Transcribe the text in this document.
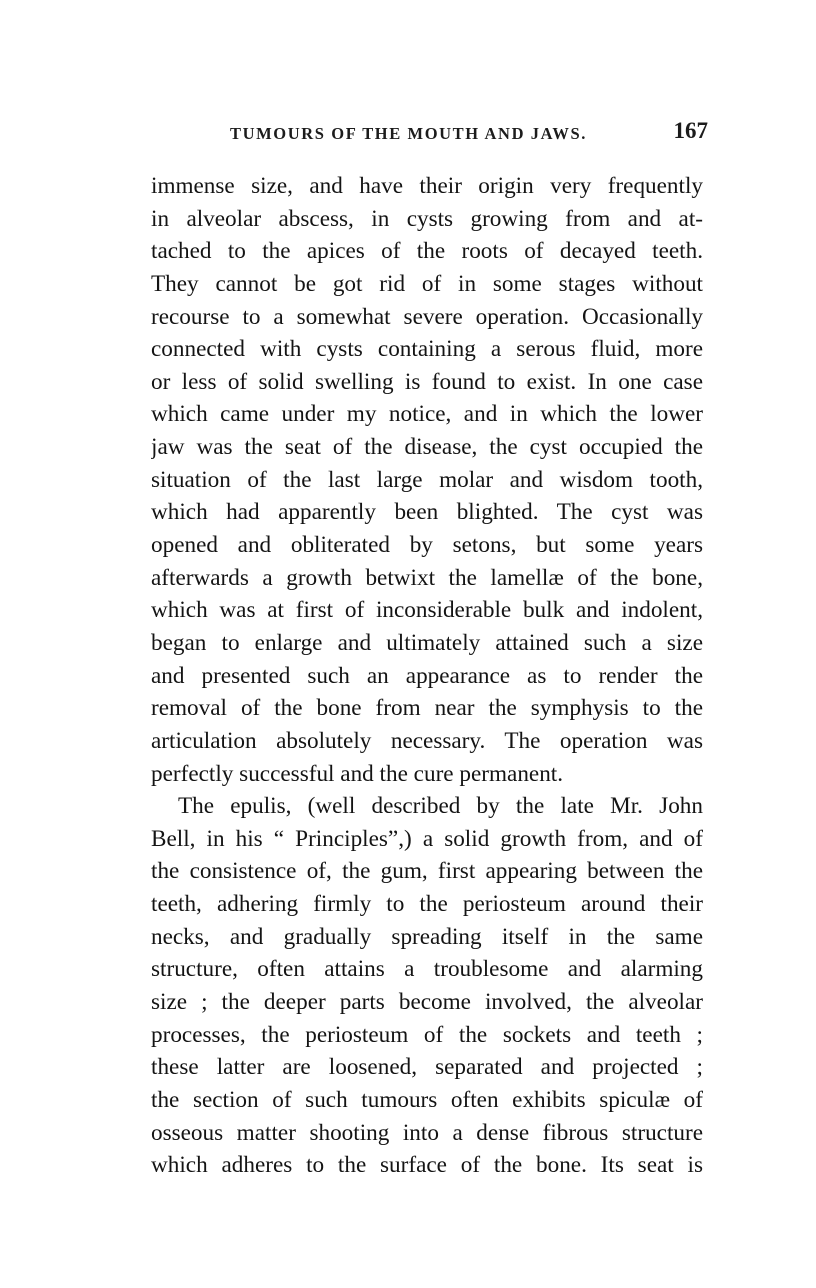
TUMOURS OF THE MOUTH AND JAWS.	167
immense size, and have their origin very frequently
in alveolar abscess, in cysts growing from and at-
tached to the apices of the roots of decayed teeth.
They cannot be got rid of in some stages without
recourse to a somewhat severe operation. Occasionally
connected with cysts containing a serous fluid, more
or less of solid swelling is found to exist. In one case
which came under my notice, and in which the lower
jaw was the seat of the disease, the cyst occupied the
situation of the last large molar and wisdom tooth,
which had apparently been blighted. The cyst was
opened and obliterated by setons, but some years
afterwards a growth betwixt the lamellæ of the bone,
which was at first of inconsiderable bulk and indolent,
began to enlarge and ultimately attained such a size
and presented such an appearance as to render the
removal of the bone from near the symphysis to the
articulation absolutely necessary. The operation was
perfectly successful and the cure permanent.
The epulis, (well described by the late Mr. John
Bell, in his “ Principles”,) a solid growth from, and of
the consistence of, the gum, first appearing between the
teeth, adhering firmly to the periosteum around their
necks, and gradually spreading itself in the same
structure, often attains a troublesome and alarming
size ; the deeper parts become involved, the alveolar
processes, the periosteum of the sockets and teeth ;
these latter are loosened, separated and projected ;
the section of such tumours often exhibits spiculæ of
osseous matter shooting into a dense fibrous structure
which adheres to the surface of the bone. Its seat is
